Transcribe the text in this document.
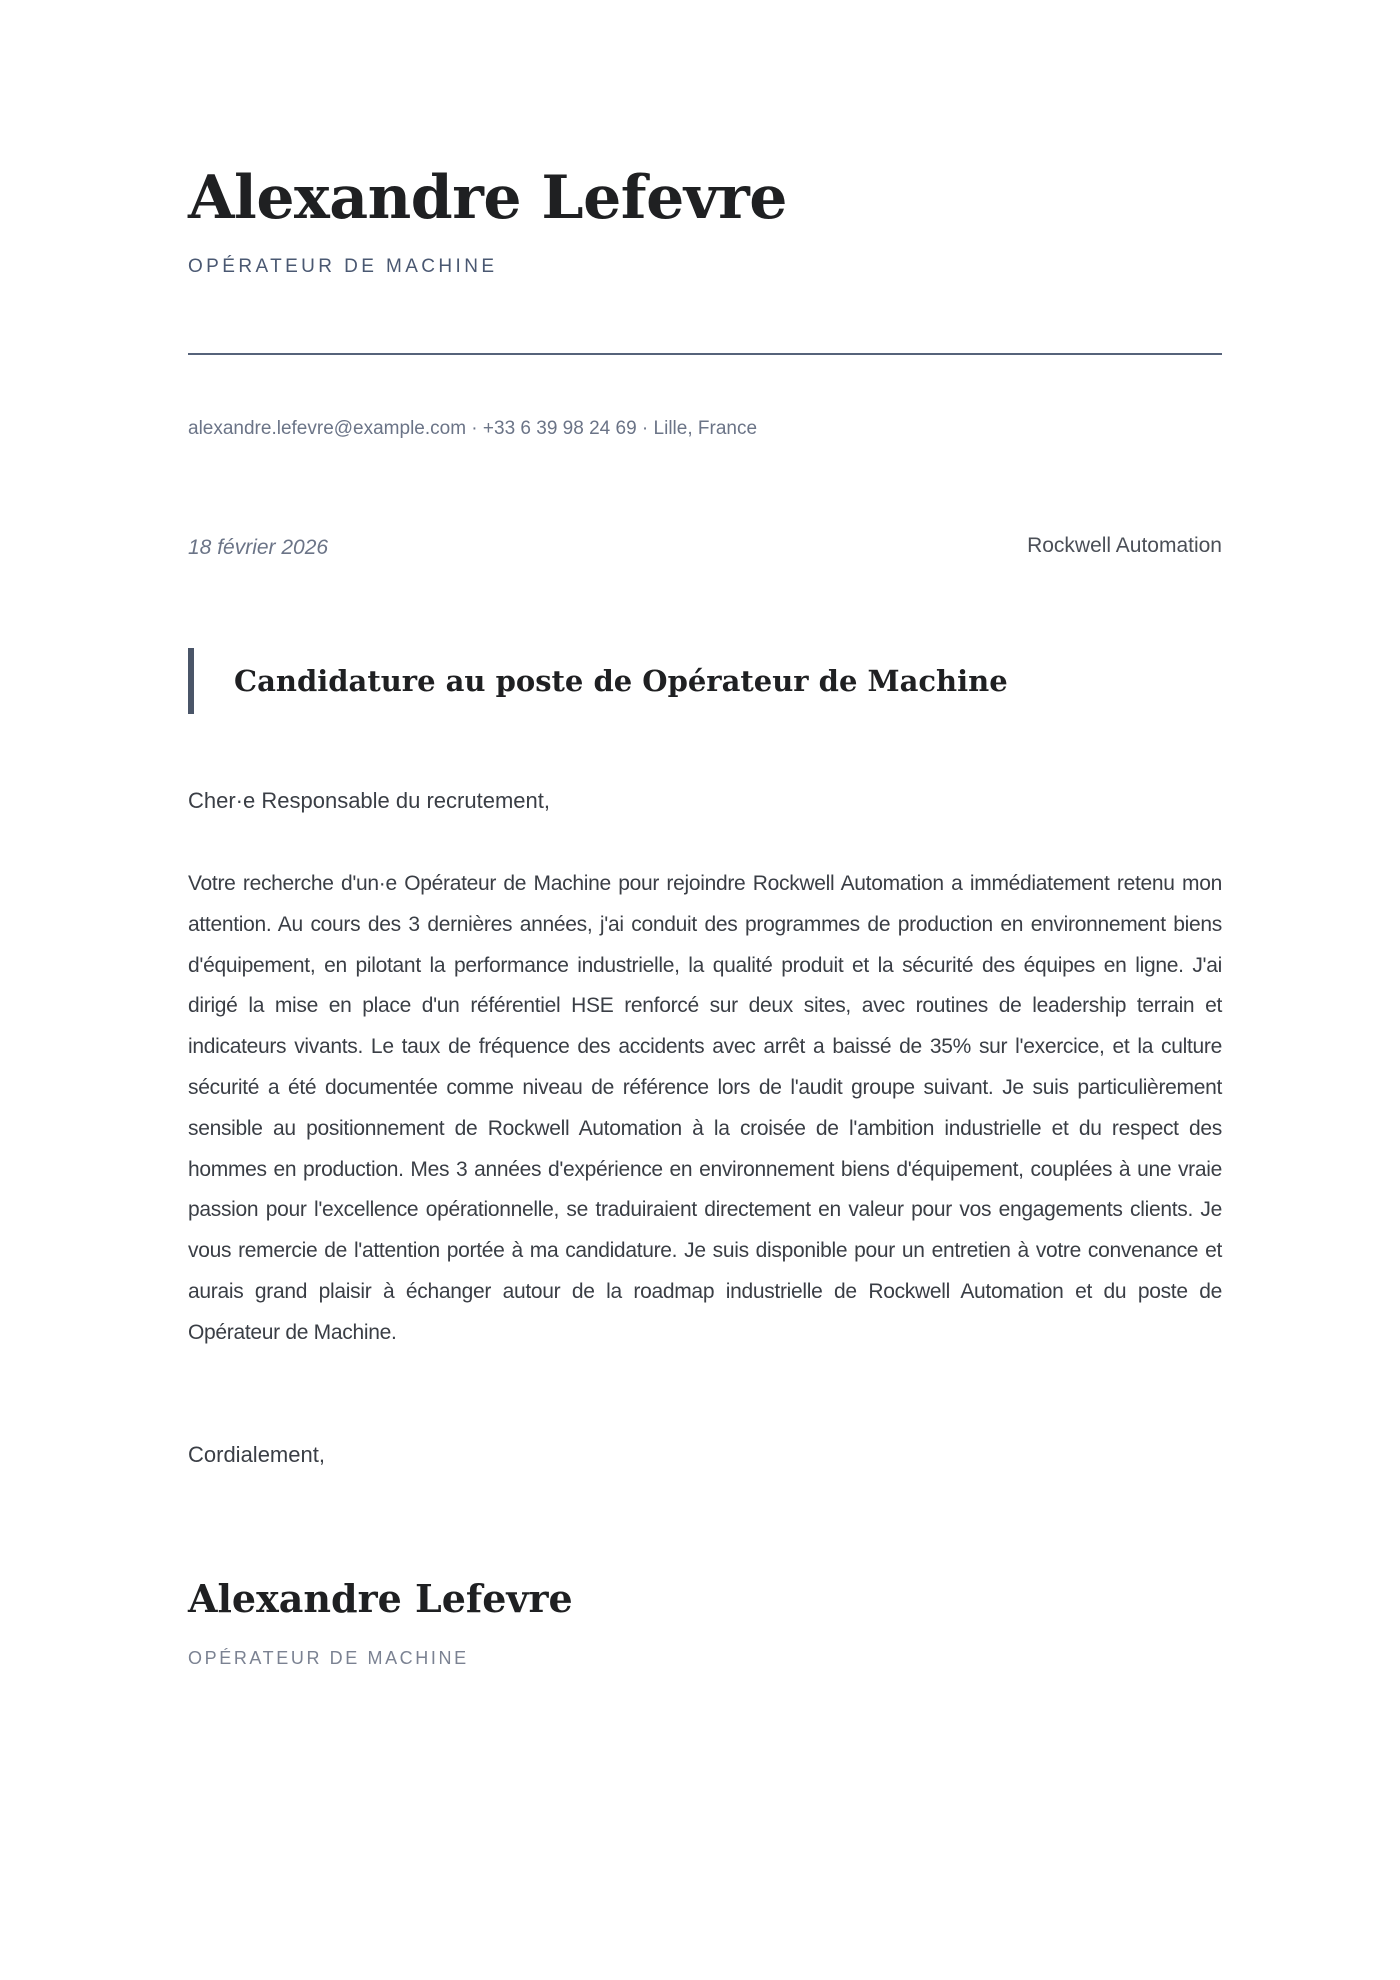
Alexandre Lefevre
OPÉRATEUR DE MACHINE
alexandre.lefevre@example.com · +33 6 39 98 24 69 · Lille, France
18 février 2026	Rockwell Automation
Candidature au poste de Opérateur de Machine
Cher·e Responsable du recrutement,

Votre recherche d'un·e Opérateur de Machine pour rejoindre Rockwell Automation a immédiatement retenu mon attention. Au cours des 3 dernières années, j'ai conduit des programmes de production en environnement biens d'équipement, en pilotant la performance industrielle, la qualité produit et la sécurité des équipes en ligne. J'ai dirigé la mise en place d'un référentiel HSE renforcé sur deux sites, avec routines de leadership terrain et indicateurs vivants. Le taux de fréquence des accidents avec arrêt a baissé de 35% sur l'exercice, et la culture sécurité a été documentée comme niveau de référence lors de l'audit groupe suivant. Je suis particulièrement sensible au positionnement de Rockwell Automation à la croisée de l'ambition industrielle et du respect des hommes en production. Mes 3 années d'expérience en environnement biens d'équipement, couplées à une vraie passion pour l'excellence opérationnelle, se traduiraient directement en valeur pour vos engagements clients. Je vous remercie de l'attention portée à ma candidature. Je suis disponible pour un entretien à votre convenance et aurais grand plaisir à échanger autour de la roadmap industrielle de Rockwell Automation et du poste de Opérateur de Machine.

Cordialement,
Alexandre Lefevre
OPÉRATEUR DE MACHINE
